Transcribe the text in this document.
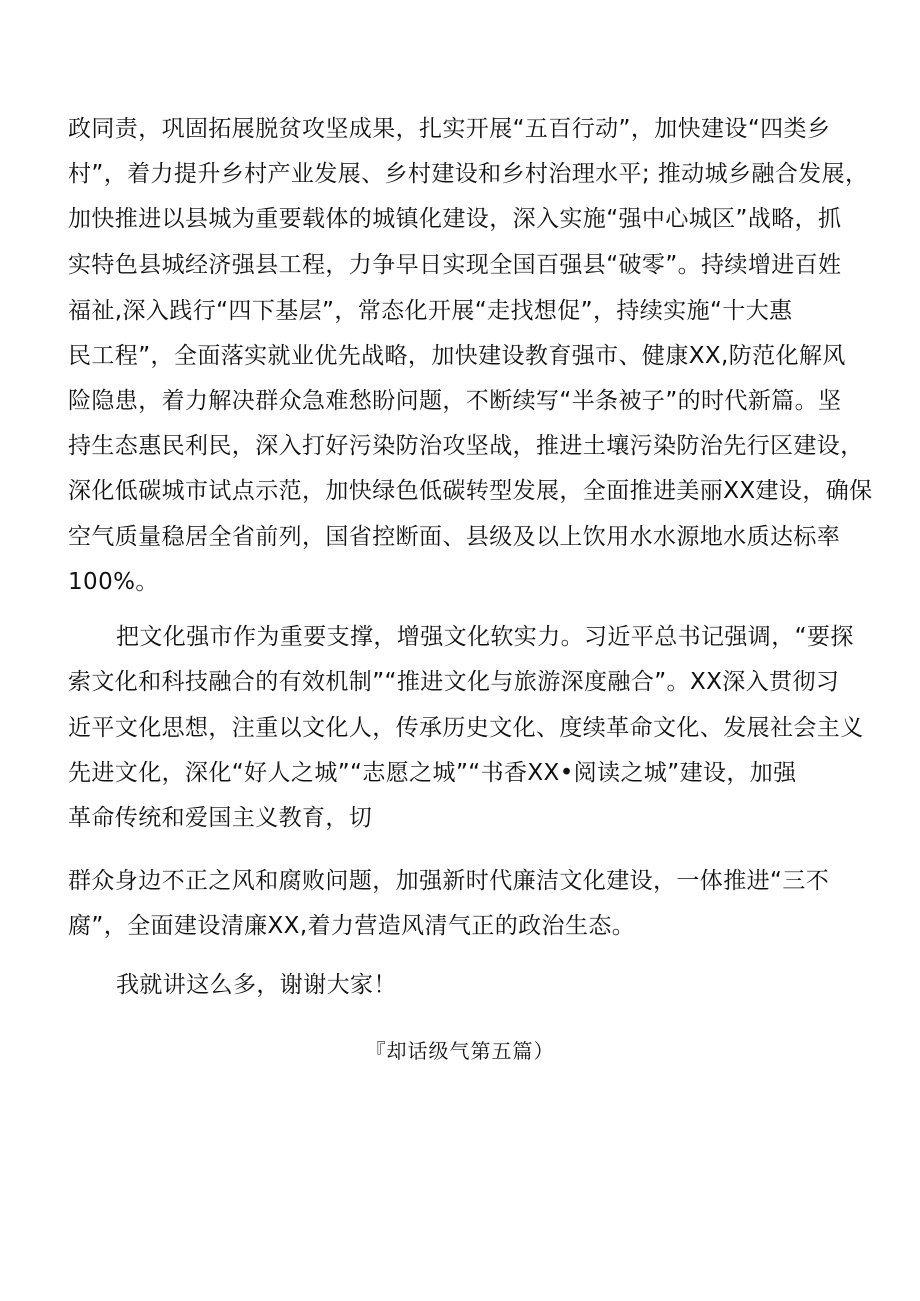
政同责，巩固拓展脱贫攻坚成果，扎实开展“五百行动”，加快建设“四类乡
村”，着力提升乡村产业发展、乡村建设和乡村治理水平; 推动城乡融合发展，
加快推进以县城为重要载体的城镇化建设，深入实施“强中心城区”战略，抓
实特色县城经济强县工程，力争早日实现全国百强县“破零”。持续增进百姓
福祉,深入践行“四下基层”，常态化开展“走找想促”，持续实施“十大惠
民工程”，全面落实就业优先战略，加快建设教育强市、健康XX,防范化解风
险隐患，着力解决群众急难愁盼问题，不断续写“半条被子”的时代新篇。坚
持生态惠民利民，深入打好污染防治攻坚战，推进土壤污染防治先行区建设，
深化低碳城市试点示范，加快绿色低碳转型发展，全面推进美丽XX建设，确保
空气质量稳居全省前列，国省控断面、县级及以上饮用水水源地水质达标率
100%。
把文化强市作为重要支撑，增强文化软实力。习近平总书记强调，“要探
索文化和科技融合的有效机制”“推进文化与旅游深度融合”。XX深入贯彻习
近平文化思想，注重以文化人，传承历史文化、度续革命文化、发展社会主义
先进文化，深化“好人之城”“志愿之城”“书香XX•阅读之城”建设，加强
革命传统和爱国主义教育，切
群众身边不正之风和腐败问题，加强新时代廉洁文化建设，一体推进“三不
腐”，全面建设清廉XX,着力营造风清气正的政治生态。
我就讲这么多，谢谢大家！
『却话级气第五篇）
